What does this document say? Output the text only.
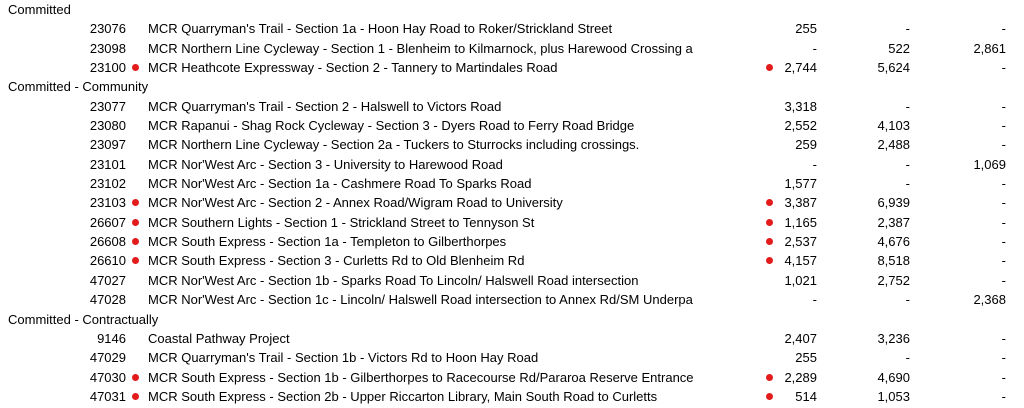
Committed
23076 MCR Quarryman's Trail - Section 1a - Hoon Hay Road to Roker/Strickland Street	255	-	-
23098 MCR Northern Line Cycleway - Section 1 - Blenheim to Kilmarnock, plus Harewood Crossing a	-	522	2,861
23100 MCR Heathcote Expressway - Section 2 - Tannery to Martindales Road	2,744	5,624	-
Committed - Community
23077 MCR Quarryman's Trail - Section 2 - Halswell to Victors Road	3,318	-	-
23080 MCR Rapanui - Shag Rock Cycleway - Section 3 - Dyers Road to Ferry Road Bridge	2,552	4,103	-
23097 MCR Northern Line Cycleway - Section 2a - Tuckers to Sturrocks including crossings.	259	2,488	-
23101 MCR Nor'West Arc - Section 3 - University to Harewood Road	-	-	1,069
23102 MCR Nor'West Arc - Section 1a - Cashmere Road To Sparks Road	1,577	-	-
23103 MCR Nor'West Arc - Section 2 - Annex Road/Wigram Road to University	3,387	6,939	-
26607 MCR Southern Lights - Section 1 - Strickland Street to Tennyson St	1,165	2,387	-
26608 MCR South Express - Section 1a - Templeton to Gilberthorpes	2,537	4,676	-
26610 MCR South Express - Section 3 - Curletts Rd to Old Blenheim Rd	4,157	8,518	-
47027 MCR Nor'West Arc - Section 1b - Sparks Road To Lincoln/ Halswell Road intersection	1,021	2,752	-
47028 MCR Nor'West Arc - Section 1c - Lincoln/ Halswell Road intersection to Annex Rd/SM Underpa	-	-	2,368
Committed - Contractually
9146 Coastal Pathway Project	2,407	3,236	-
47029 MCR Quarryman's Trail - Section 1b - Victors Rd to Hoon Hay Road	255	-	-
47030 MCR South Express - Section 1b - Gilberthorpes to Racecourse Rd/Pararoa Reserve Entrance	2,289	4,690	-
47031 MCR South Express - Section 2b - Upper Riccarton Library, Main South Road to Curletts	514	1,053	-
